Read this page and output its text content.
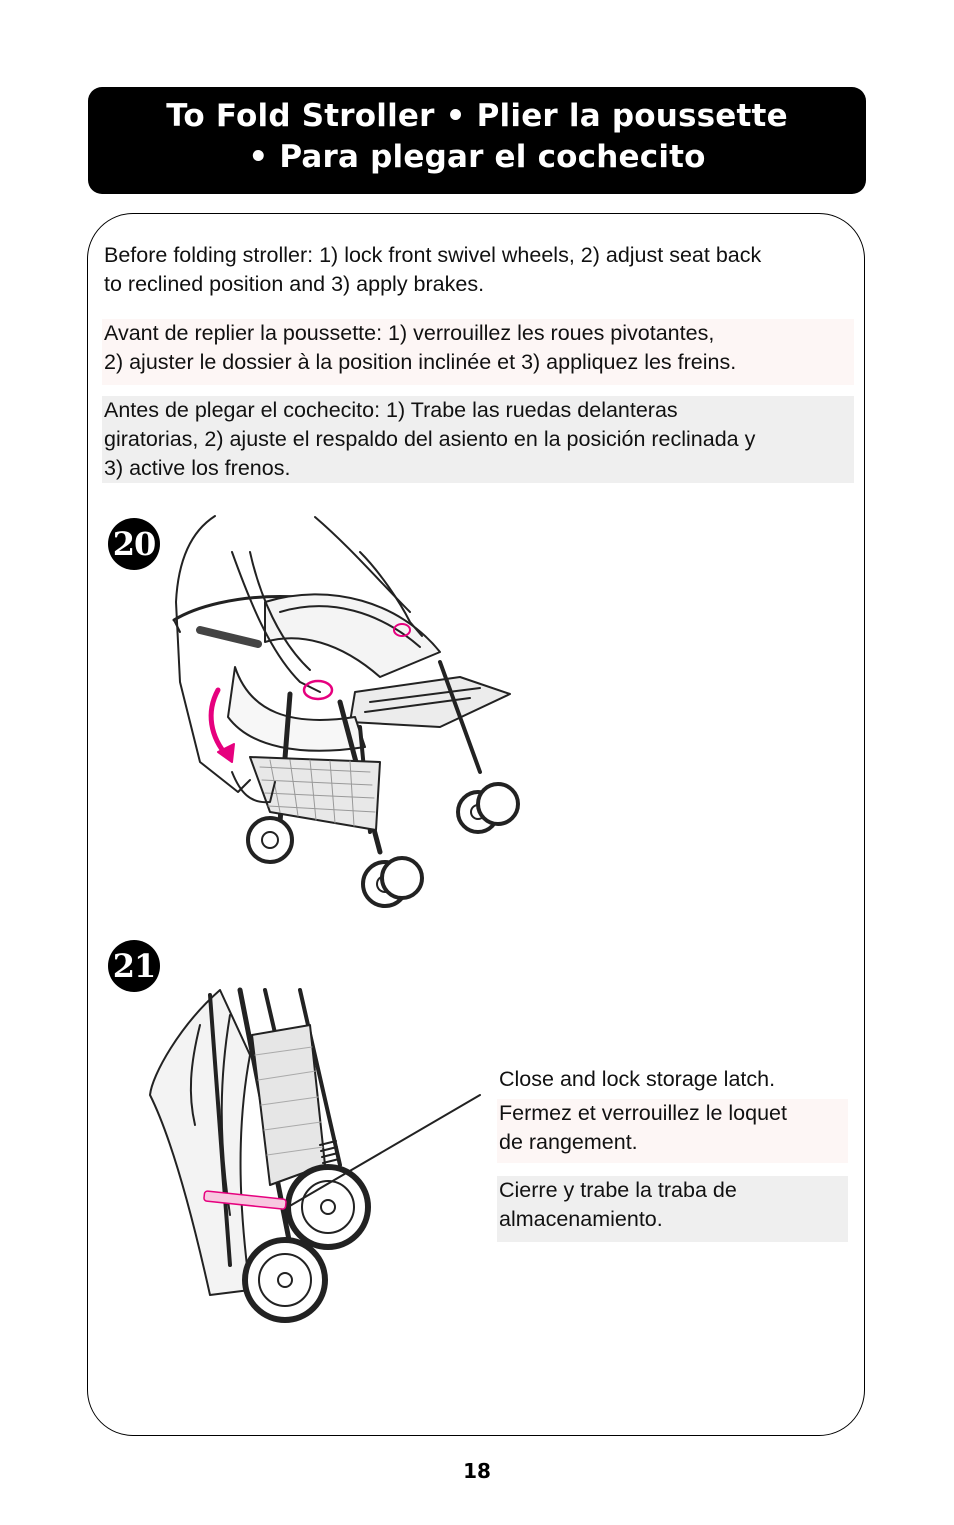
To Fold Stroller • Plier la poussette
• Para plegar el cochecito
Before folding stroller: 1) lock front swivel wheels, 2) adjust seat back
to reclined position and 3) apply brakes.
Avant de replier la poussette: 1) verrouillez les roues pivotantes,
2) ajuster le dossier à la position inclinée et 3) appliquez les freins.
Antes de plegar el cochecito: 1) Trabe las ruedas delanteras
giratorias, 2) ajuste el respaldo del asiento en la posición reclinada y
3) active los frenos.
20
21
Close and lock storage latch.
Fermez et verrouillez le loquet
de rangement.
Cierre y trabe la traba de
almacenamiento.
18
